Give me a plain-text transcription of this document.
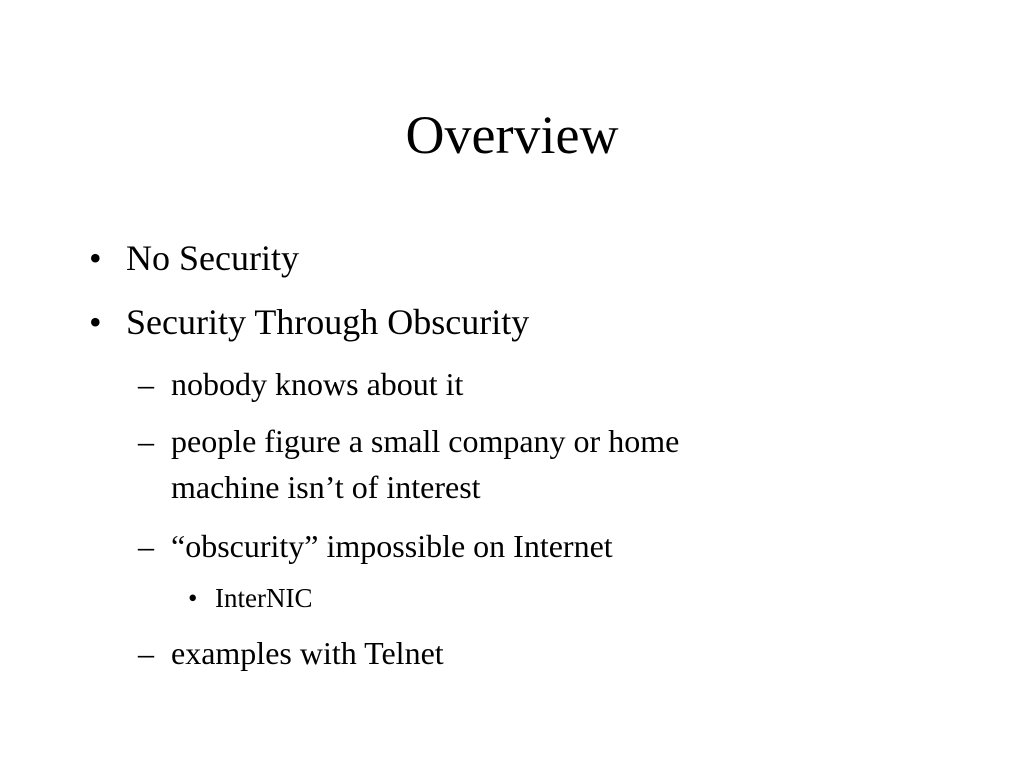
Overview
• No Security
• Security Through Obscurity
– nobody knows about it
– people figure a small company or home
machine isn’t of interest
– “obscurity” impossible on Internet
• InterNIC
– examples with Telnet
